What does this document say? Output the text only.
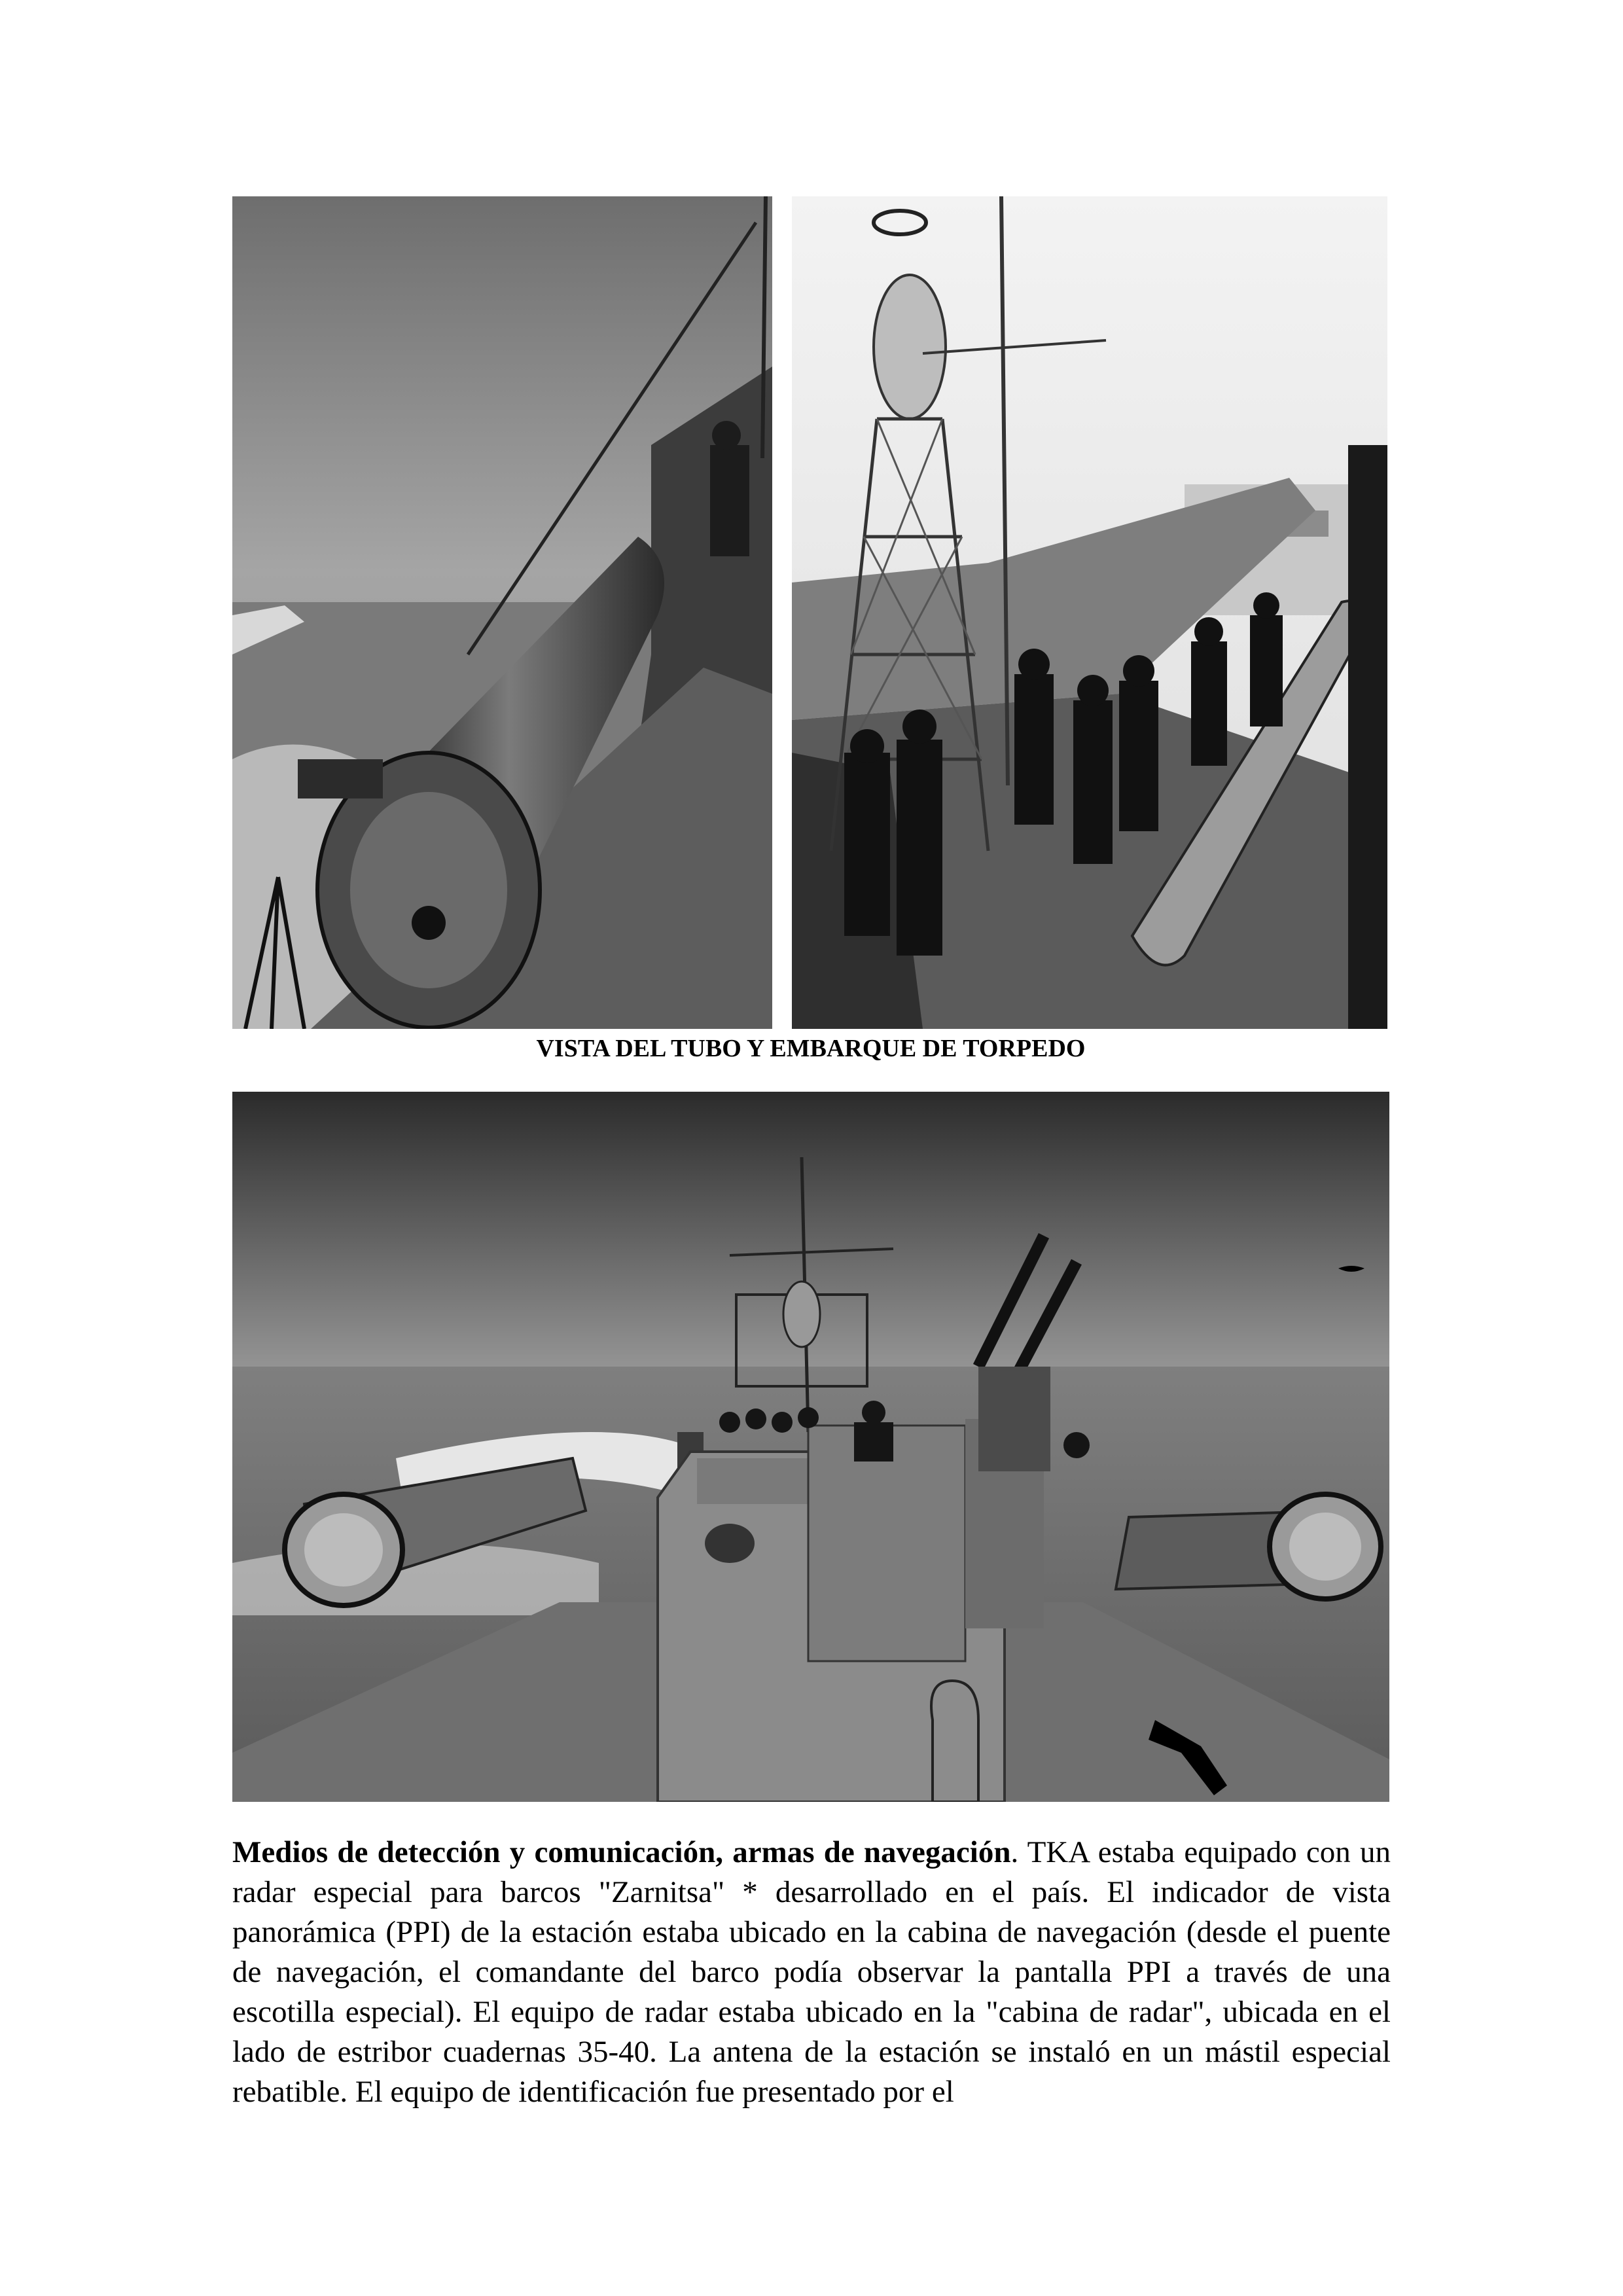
VISTA DEL TUBO Y EMBARQUE DE TORPEDO
Medios de detección y comunicación, armas de navegación. TKA estaba equipado con un radar especial para barcos "Zarnitsa" * desarrollado en el país. El indicador de vista panorámica (PPI) de la estación estaba ubicado en la cabina de navegación (desde el puente de navegación, el comandante del barco podía observar la pantalla PPI a través de una escotilla especial). El equipo de radar estaba ubicado en la "cabina de radar", ubicada en el lado de estribor cuadernas 35-40. La antena de la estación se instaló en un mástil especial rebatible. El equipo de identificación fue presentado por el
